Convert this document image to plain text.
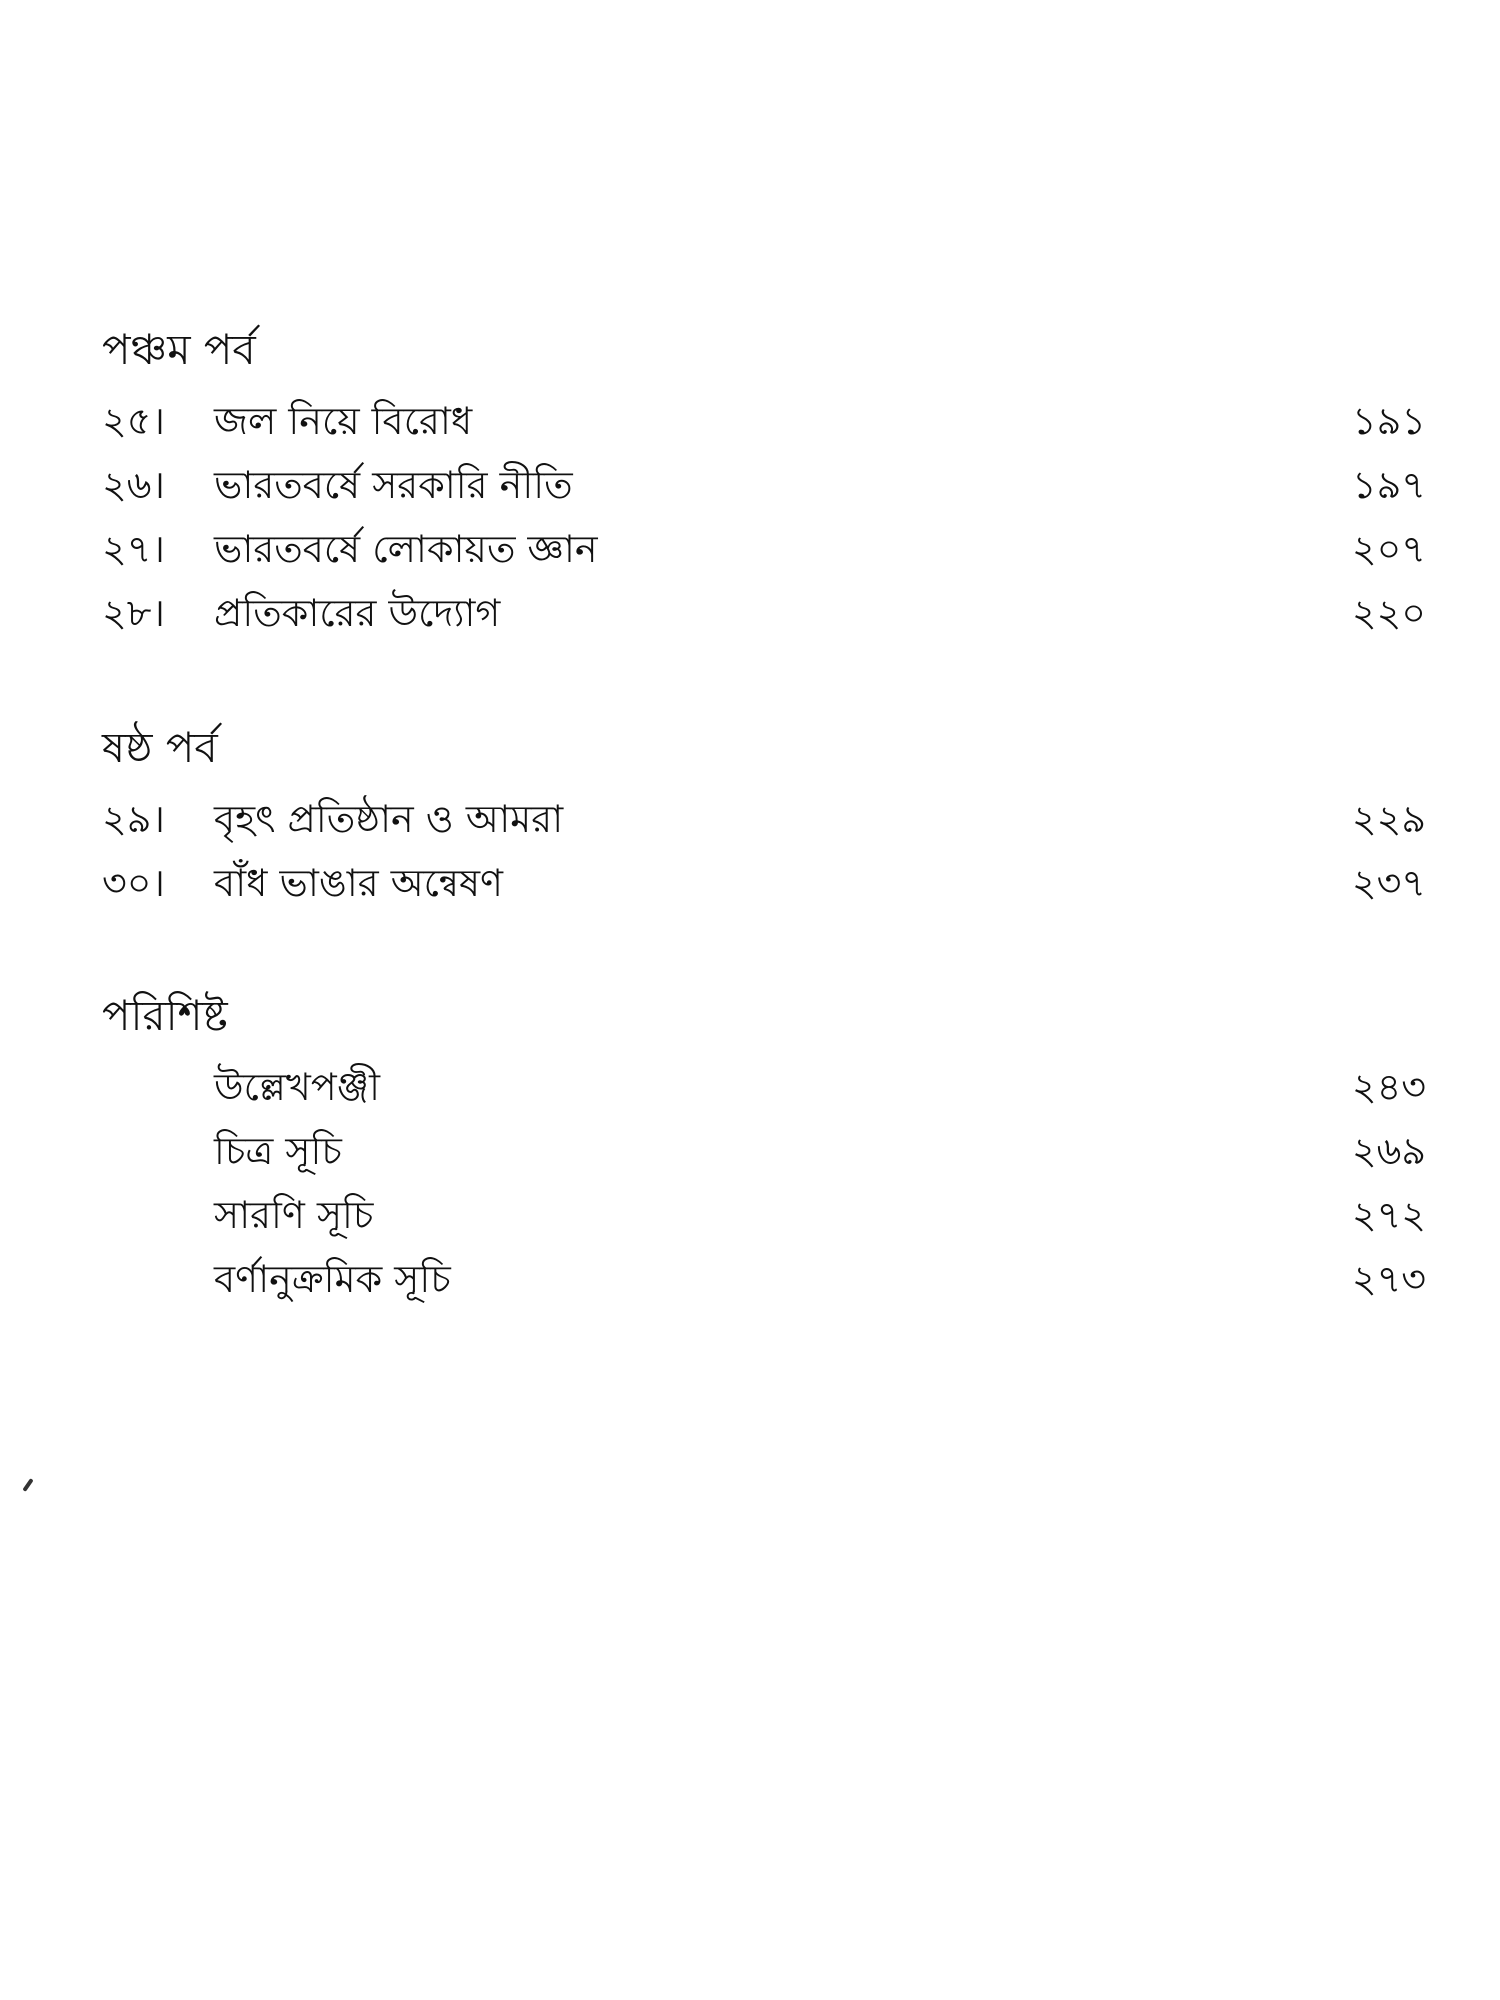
পঞ্চম পর্ব
২৫। জল নিয়ে বিরোধ	১৯১
২৬। ভারতবর্ষে সরকারি নীতি	১৯৭
২৭। ভারতবর্ষে লোকায়ত জ্ঞান	২০৭
২৮। প্রতিকারের উদ্যোগ	২২০
ষষ্ঠ পর্ব
২৯। বৃহৎ প্রতিষ্ঠান ও আমরা	২২৯
৩০। বাঁধ ভাঙার অন্বেষণ	২৩৭
পরিশিষ্ট
উল্লেখপঞ্জী	২৪৩
চিত্র সূচি	২৬৯
সারণি সূচি	২৭২
বর্ণানুক্রমিক সূচি	২৭৩
